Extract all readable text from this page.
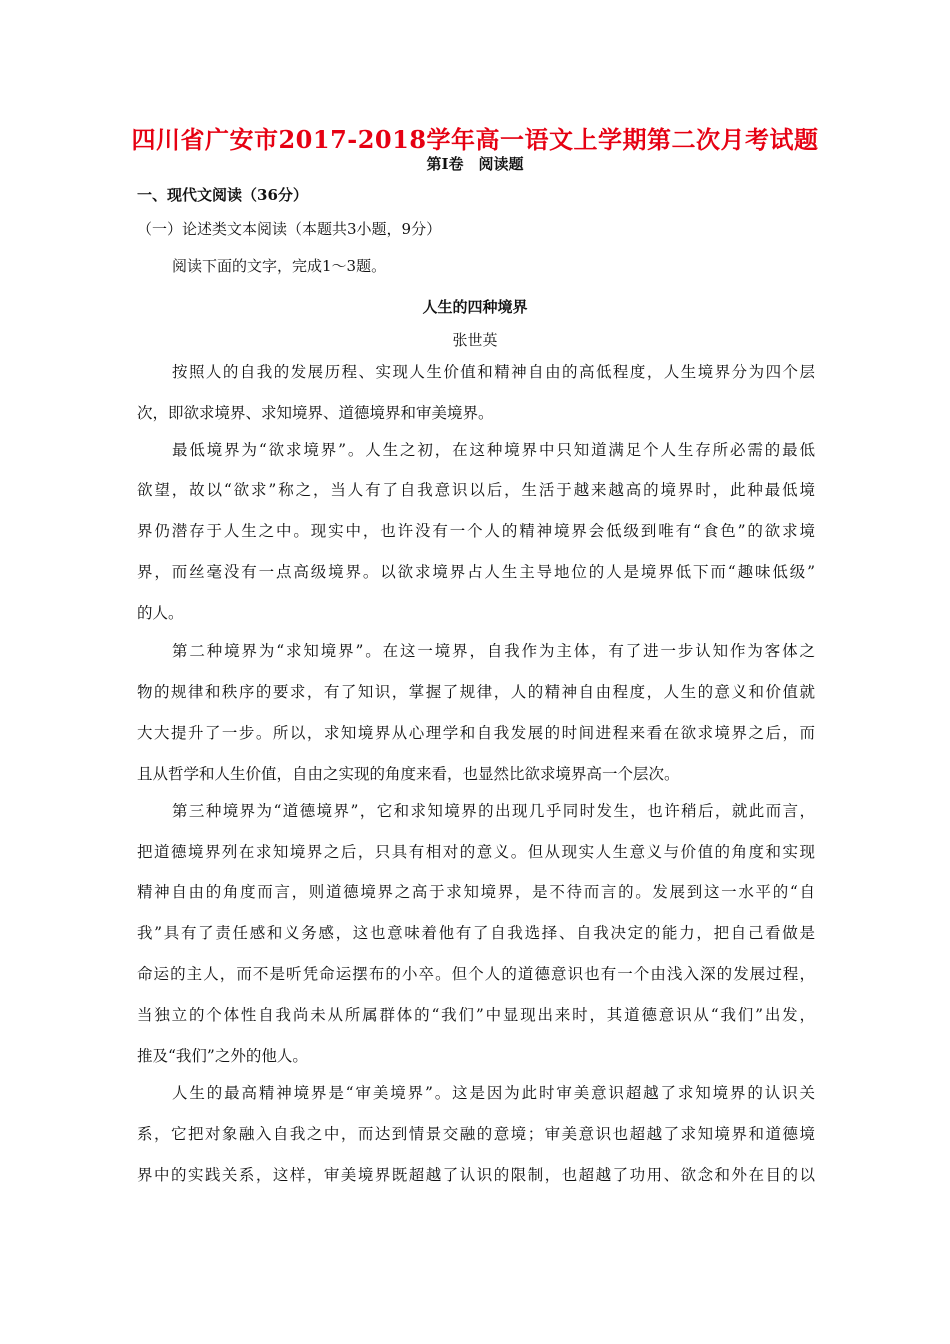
四川省广安市2017-2018学年高一语文上学期第二次月考试题
第Ⅰ卷　阅读题
一、现代文阅读（36分）
（一）论述类文本阅读（本题共3小题，9分）
阅读下面的文字，完成1～3题。
人生的四种境界
张世英
按照人的自我的发展历程、实现人生价值和精神自由的高低程度，人生境界分为四个层
次，即欲求境界、求知境界、道德境界和审美境界。
最低境界为“欲求境界”。人生之初，在这种境界中只知道满足个人生存所必需的最低
欲望，故以“欲求”称之，当人有了自我意识以后，生活于越来越高的境界时，此种最低境
界仍潜存于人生之中。现实中，也许没有一个人的精神境界会低级到唯有“食色”的欲求境
界，而丝毫没有一点高级境界。以欲求境界占人生主导地位的人是境界低下而“趣味低级”
的人。
第二种境界为“求知境界”。在这一境界，自我作为主体，有了进一步认知作为客体之
物的规律和秩序的要求，有了知识，掌握了规律，人的精神自由程度，人生的意义和价值就
大大提升了一步。所以，求知境界从心理学和自我发展的时间进程来看在欲求境界之后，而
且从哲学和人生价值，自由之实现的角度来看，也显然比欲求境界高一个层次。
第三种境界为“道德境界”，它和求知境界的出现几乎同时发生，也许稍后，就此而言，
把道德境界列在求知境界之后，只具有相对的意义。但从现实人生意义与价值的角度和实现
精神自由的角度而言，则道德境界之高于求知境界，是不待而言的。发展到这一水平的“自
我”具有了责任感和义务感，这也意味着他有了自我选择、自我决定的能力，把自己看做是
命运的主人，而不是听凭命运摆布的小卒。但个人的道德意识也有一个由浅入深的发展过程，
当独立的个体性自我尚未从所属群体的“我们”中显现出来时，其道德意识从“我们”出发，
推及“我们”之外的他人。
人生的最高精神境界是“审美境界”。这是因为此时审美意识超越了求知境界的认识关
系，它把对象融入自我之中，而达到情景交融的意境；审美意识也超越了求知境界和道德境
界中的实践关系，这样，审美境界既超越了认识的限制，也超越了功用、欲念和外在目的以
